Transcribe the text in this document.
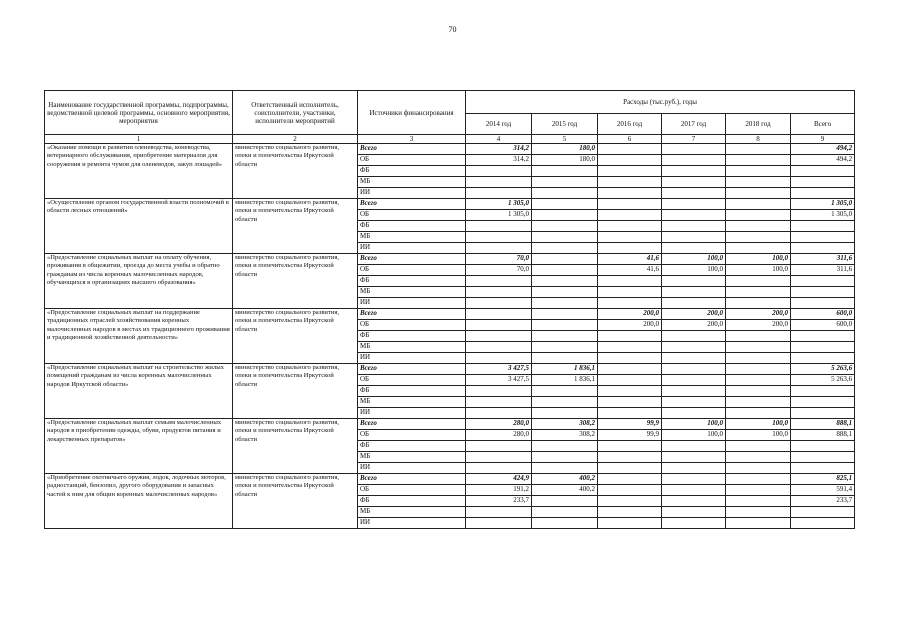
70
Наименование государственной программы, подпрограммы, ведомственной целевой программы, основного мероприятия, мероприятия	Ответственный исполнитель, соисполнители, участники, исполнители мероприятий	Источники финансирования	Расходы (тыс.руб.), годы					
			2014 год	2015 год	2016 год	2017 год	2018 год	Всего
1	2	3	4	5	6	7	8	9
«Оказание помощи в развитии оленеводства, коневодства, ветеринарного обслуживания, приобретение материалов для сооружения и ремонта чумов для оленеводов, закуп лошадей»	министерство социального развития, опеки и попечительства Иркутской области	Всего	314,2	180,0				494,2
		ОБ	314,2	180,0				494,2
		ФБ						
		МБ						
		ИИ						
«Осуществление органом государственной власти полномочий в области лесных отношений»	министерство социального развития, опеки и попечительства Иркутской области	Всего	1 305,0					1 305,0
		ОБ	1 305,0					1 305,0
		ФБ						
		МБ						
		ИИ						
«Предоставление социальных выплат на оплату обучения, проживания в общежитии, проезда до места учебы и обратно гражданам из числа коренных малочисленных народов, обучающихся в организациях высшего образования»	министерство социального развития, опеки и попечительства Иркутской области	Всего	70,0		41,6	100,0	100,0	311,6
		ОБ	70,0		41,6	100,0	100,0	311,6
		ФБ						
		МБ						
		ИИ						
«Предоставление социальных выплат на поддержание традиционных отраслей хозяйствования коренных малочисленных народов в местах их традиционного проживания и традиционной хозяйственной деятельности»	министерство социального развития, опеки и попечительства Иркутской области	Всего			200,0	200,0	200,0	600,0
		ОБ			200,0	200,0	200,0	600,0
		ФБ						
		МБ						
		ИИ						
«Предоставление социальных выплат на строительство жилых помещений гражданам из числа коренных малочисленных народов Иркутской области»	министерство социального развития, опеки и попечительства Иркутской области	Всего	3 427,5	1 836,1				5 263,6
		ОБ	3 427,5	1 836,1				5 263,6
		ФБ						
		МБ						
		ИИ						
«Предоставление социальных выплат семьям малочисленных народов в приобретении одежды, обуви, продуктов питания и лекарственных препаратов»	министерство социального развития, опеки и попечительства Иркутской области	Всего	280,0	308,2	99,9	100,0	100,0	888,1
		ОБ	280,0	308,2	99,9	100,0	100,0	888,1
		ФБ						
		МБ						
		ИИ						
«Приобретение охотничьего оружия, лодок, лодочных моторов, радиостанций, бензопил, другого оборудования и запасных частей к ним для общин коренных малочисленных народов»	министерство социального развития, опеки и попечительства Иркутской области	Всего	424,9	400,2				825,1
		ОБ	191,2	400,2				591,4
		ФБ	233,7					233,7
		МБ						
		ИИ						
